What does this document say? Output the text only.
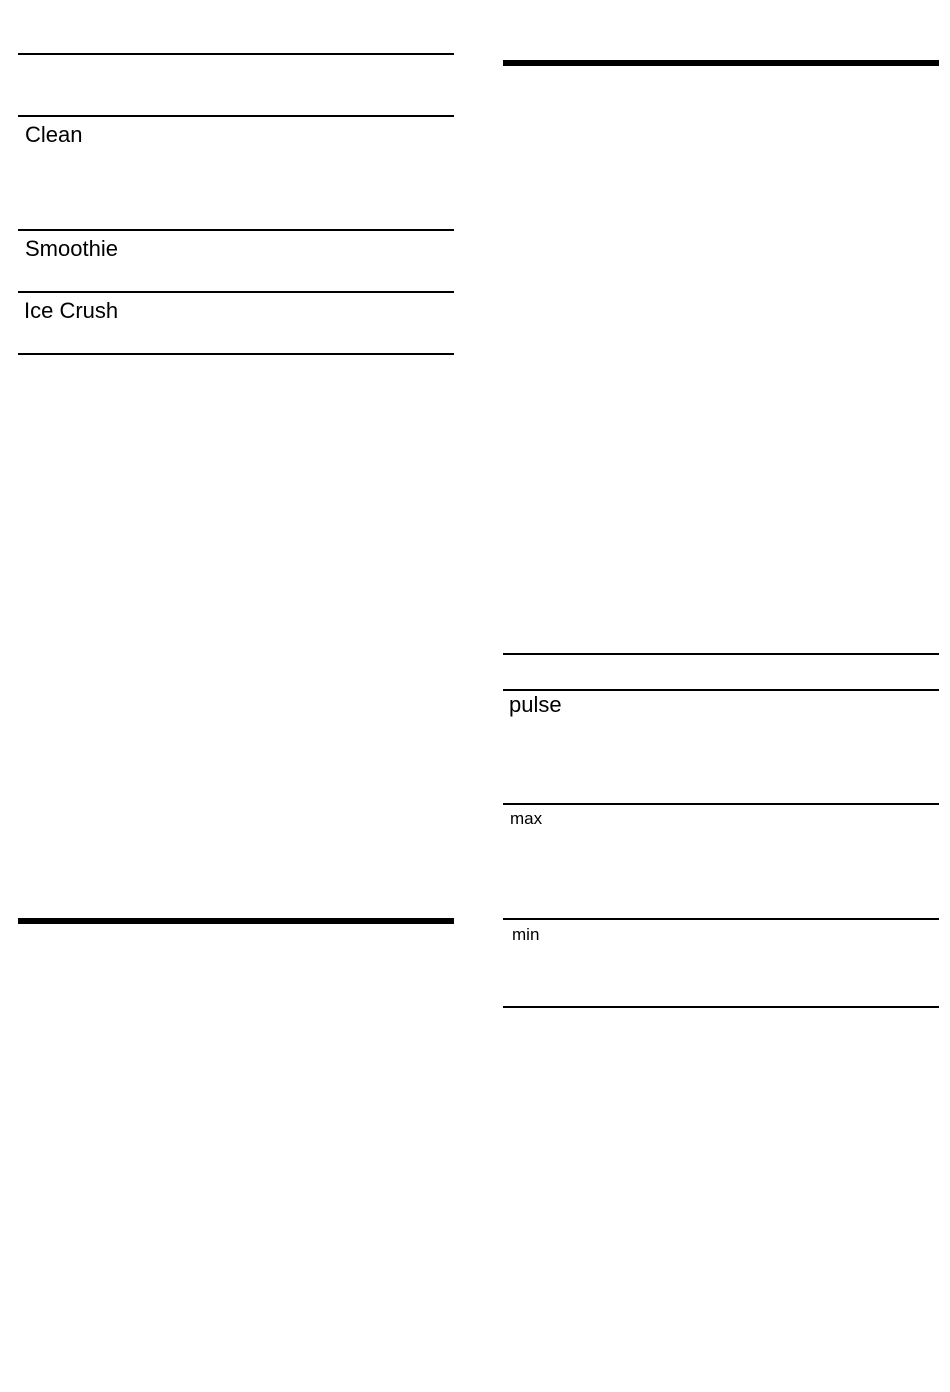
Clean
Smoothie
Ice Crush
pulse
max
min
